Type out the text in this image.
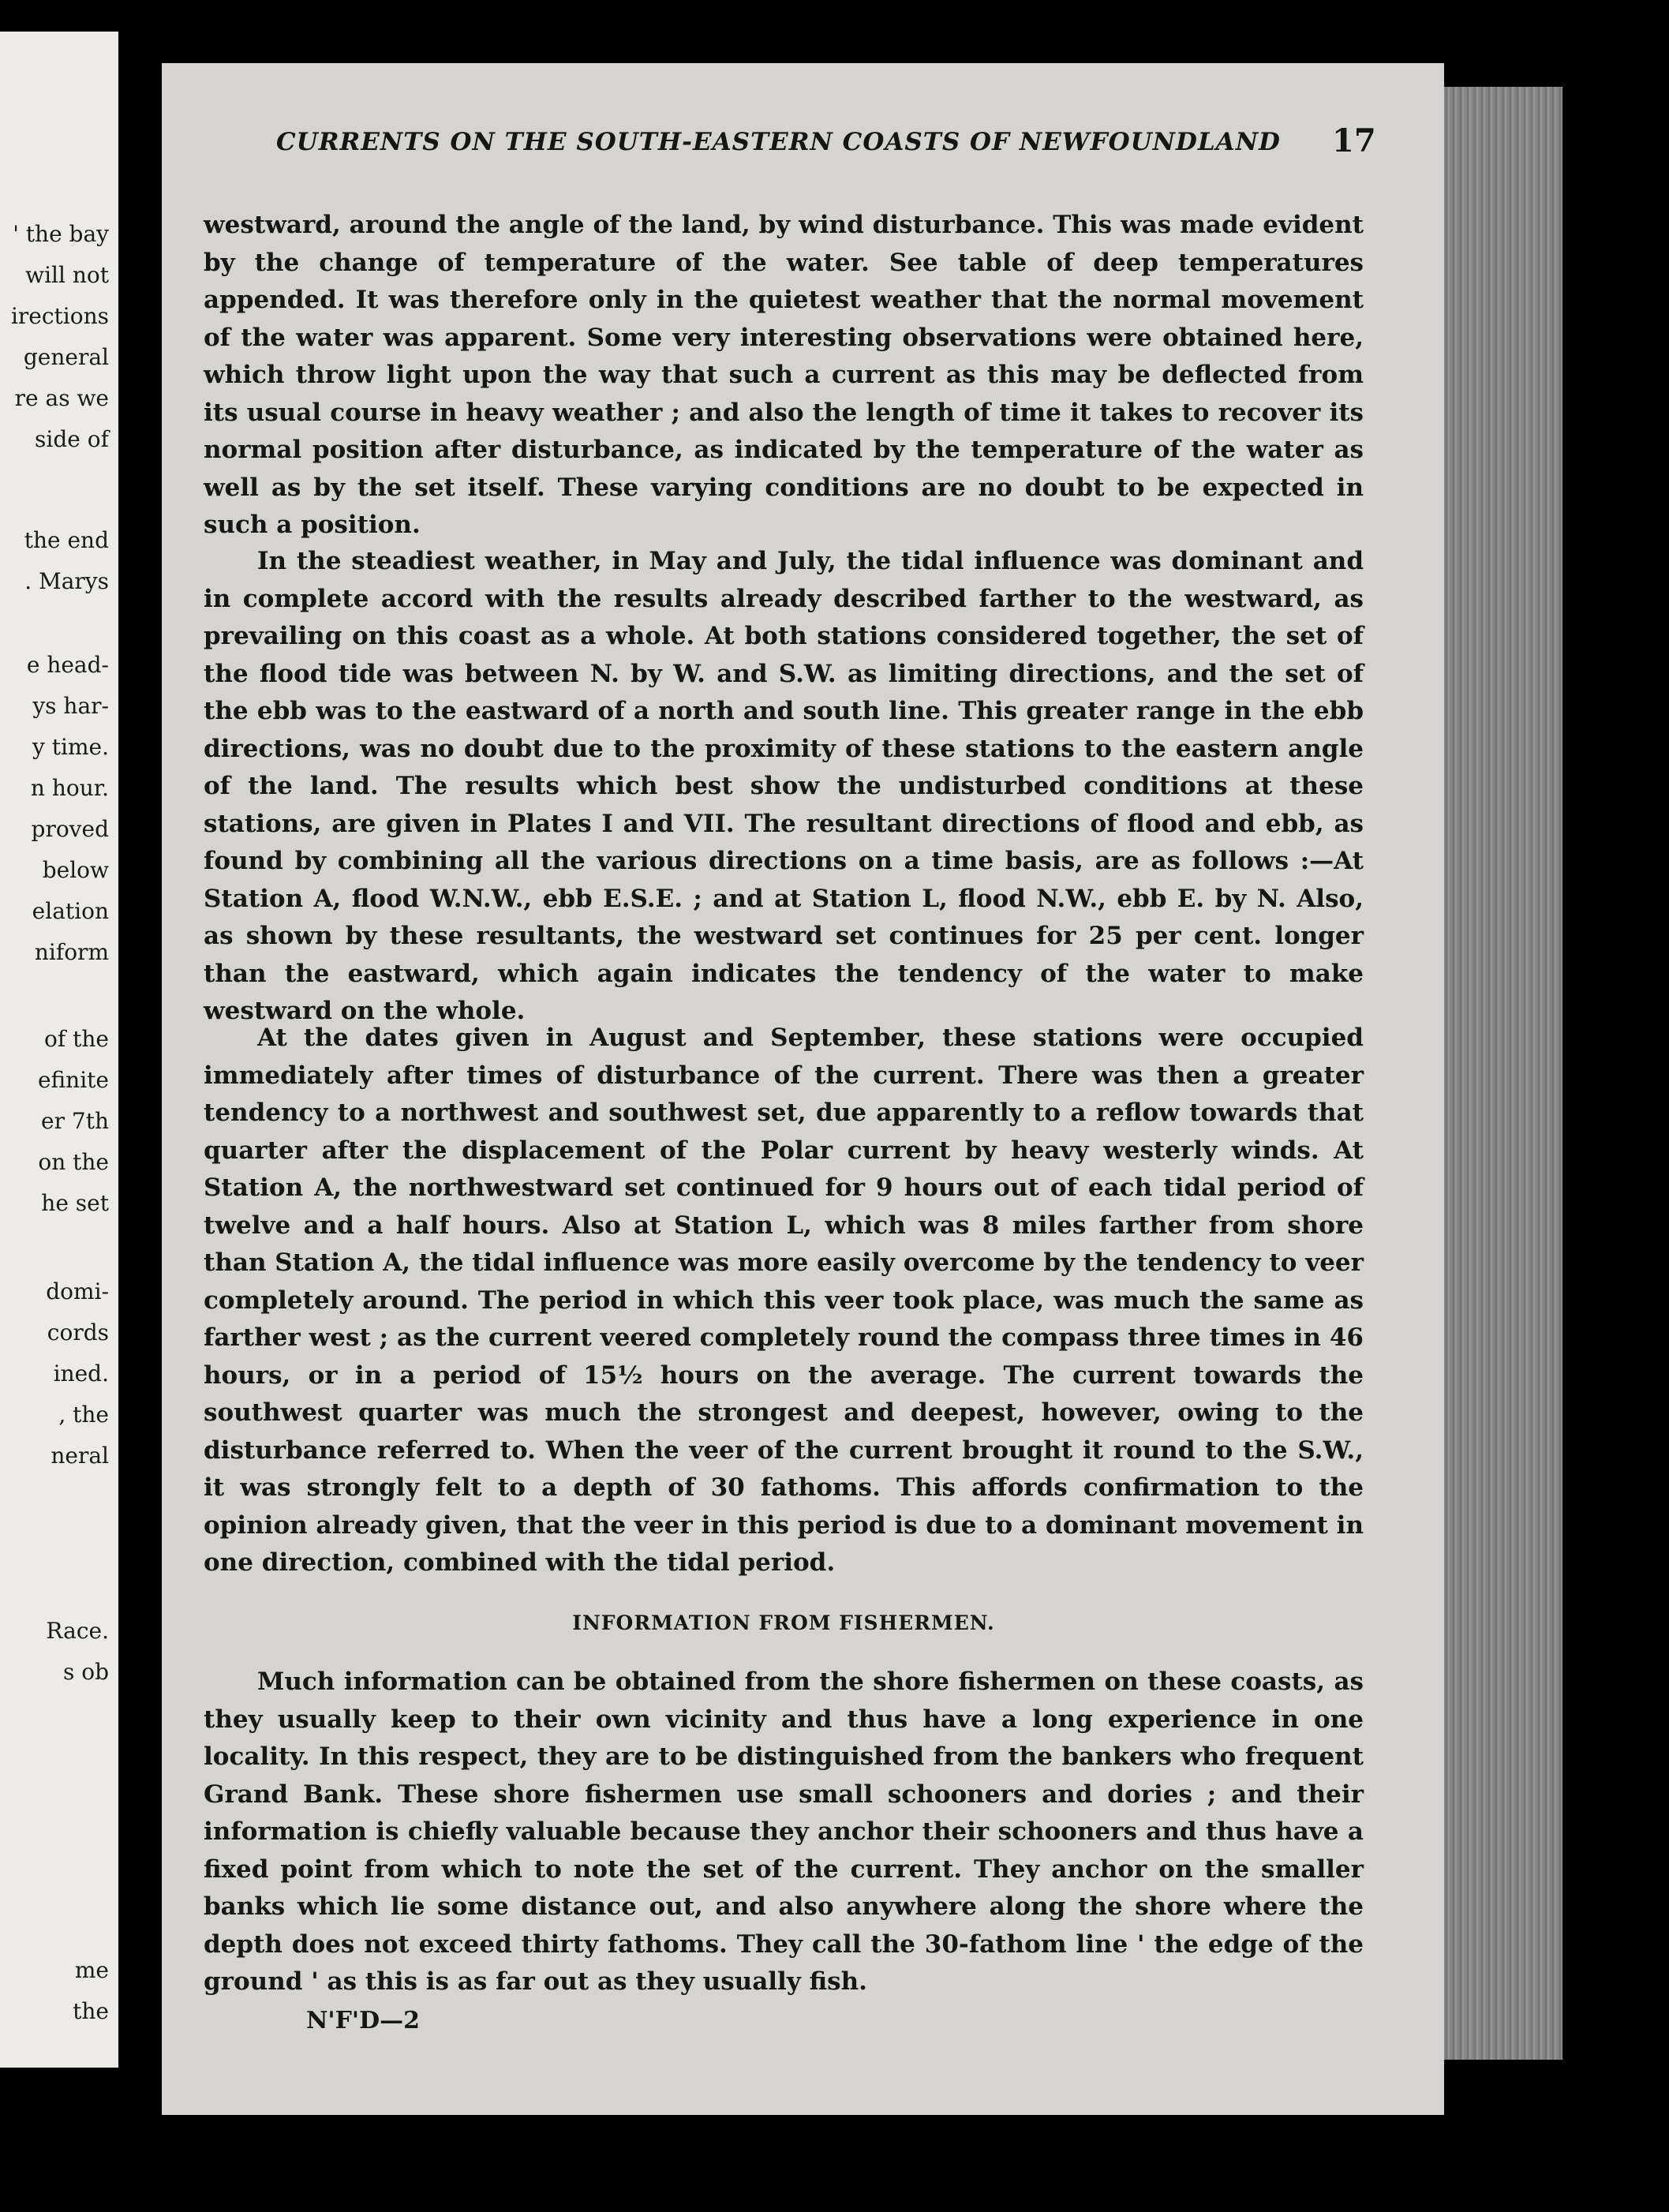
' the bay
will not
irections
general
re as we
side of
the end
. Marys
e head-
ys har-
y time.
n hour.
proved
below
elation
niform
of the
efinite
er 7th
on the
he set
domi-
cords
ined.
, the
neral
Race.
s ob
me
the
CURRENTS ON THE SOUTH-EASTERN COASTS OF NEWFOUNDLAND 17

westward, around the angle of the land, by wind disturbance. This was made evident by the change of temperature of the water. See table of deep temperatures appended. It was therefore only in the quietest weather that the normal movement of the water was apparent. Some very interesting observations were obtained here, which throw light upon the way that such a current as this may be deflected from its usual course in heavy weather ; and also the length of time it takes to recover its normal position after disturbance, as indicated by the temperature of the water as well as by the set itself. These varying conditions are no doubt to be expected in such a position.

In the steadiest weather, in May and July, the tidal influence was dominant and in complete accord with the results already described farther to the westward, as prevailing on this coast as a whole. At both stations considered together, the set of the flood tide was between N. by W. and S.W. as limiting directions, and the set of the ebb was to the eastward of a north and south line. This greater range in the ebb directions, was no doubt due to the proximity of these stations to the eastern angle of the land. The results which best show the undisturbed conditions at these stations, are given in Plates I and VII. The resultant directions of flood and ebb, as found by combining all the various directions on a time basis, are as follows :—At Station A, flood W.N.W., ebb E.S.E. ; and at Station L, flood N.W., ebb E. by N. Also, as shown by these resultants, the westward set continues for 25 per cent. longer than the eastward, which again indicates the tendency of the water to make westward on the whole.

At the dates given in August and September, these stations were occupied immediately after times of disturbance of the current. There was then a greater tendency to a northwest and southwest set, due apparently to a reflow towards that quarter after the displacement of the Polar current by heavy westerly winds. At Station A, the northwestward set continued for 9 hours out of each tidal period of twelve and a half hours. Also at Station L, which was 8 miles farther from shore than Station A, the tidal influence was more easily overcome by the tendency to veer completely around. The period in which this veer took place, was much the same as farther west ; as the current veered completely round the compass three times in 46 hours, or in a period of 15½ hours on the average. The current towards the southwest quarter was much the strongest and deepest, however, owing to the disturbance referred to. When the veer of the current brought it round to the S.W., it was strongly felt to a depth of 30 fathoms. This affords confirmation to the opinion already given, that the veer in this period is due to a dominant movement in one direction, combined with the tidal period.

INFORMATION FROM FISHERMEN.

Much information can be obtained from the shore fishermen on these coasts, as they usually keep to their own vicinity and thus have a long experience in one locality. In this respect, they are to be distinguished from the bankers who frequent Grand Bank. These shore fishermen use small schooners and dories ; and their information is chiefly valuable because they anchor their schooners and thus have a fixed point from which to note the set of the current. They anchor on the smaller banks which lie some distance out, and also anywhere along the shore where the depth does not exceed thirty fathoms. They call the 30-fathom line ' the edge of the ground ' as this is as far out as they usually fish.

N'F'D—2
